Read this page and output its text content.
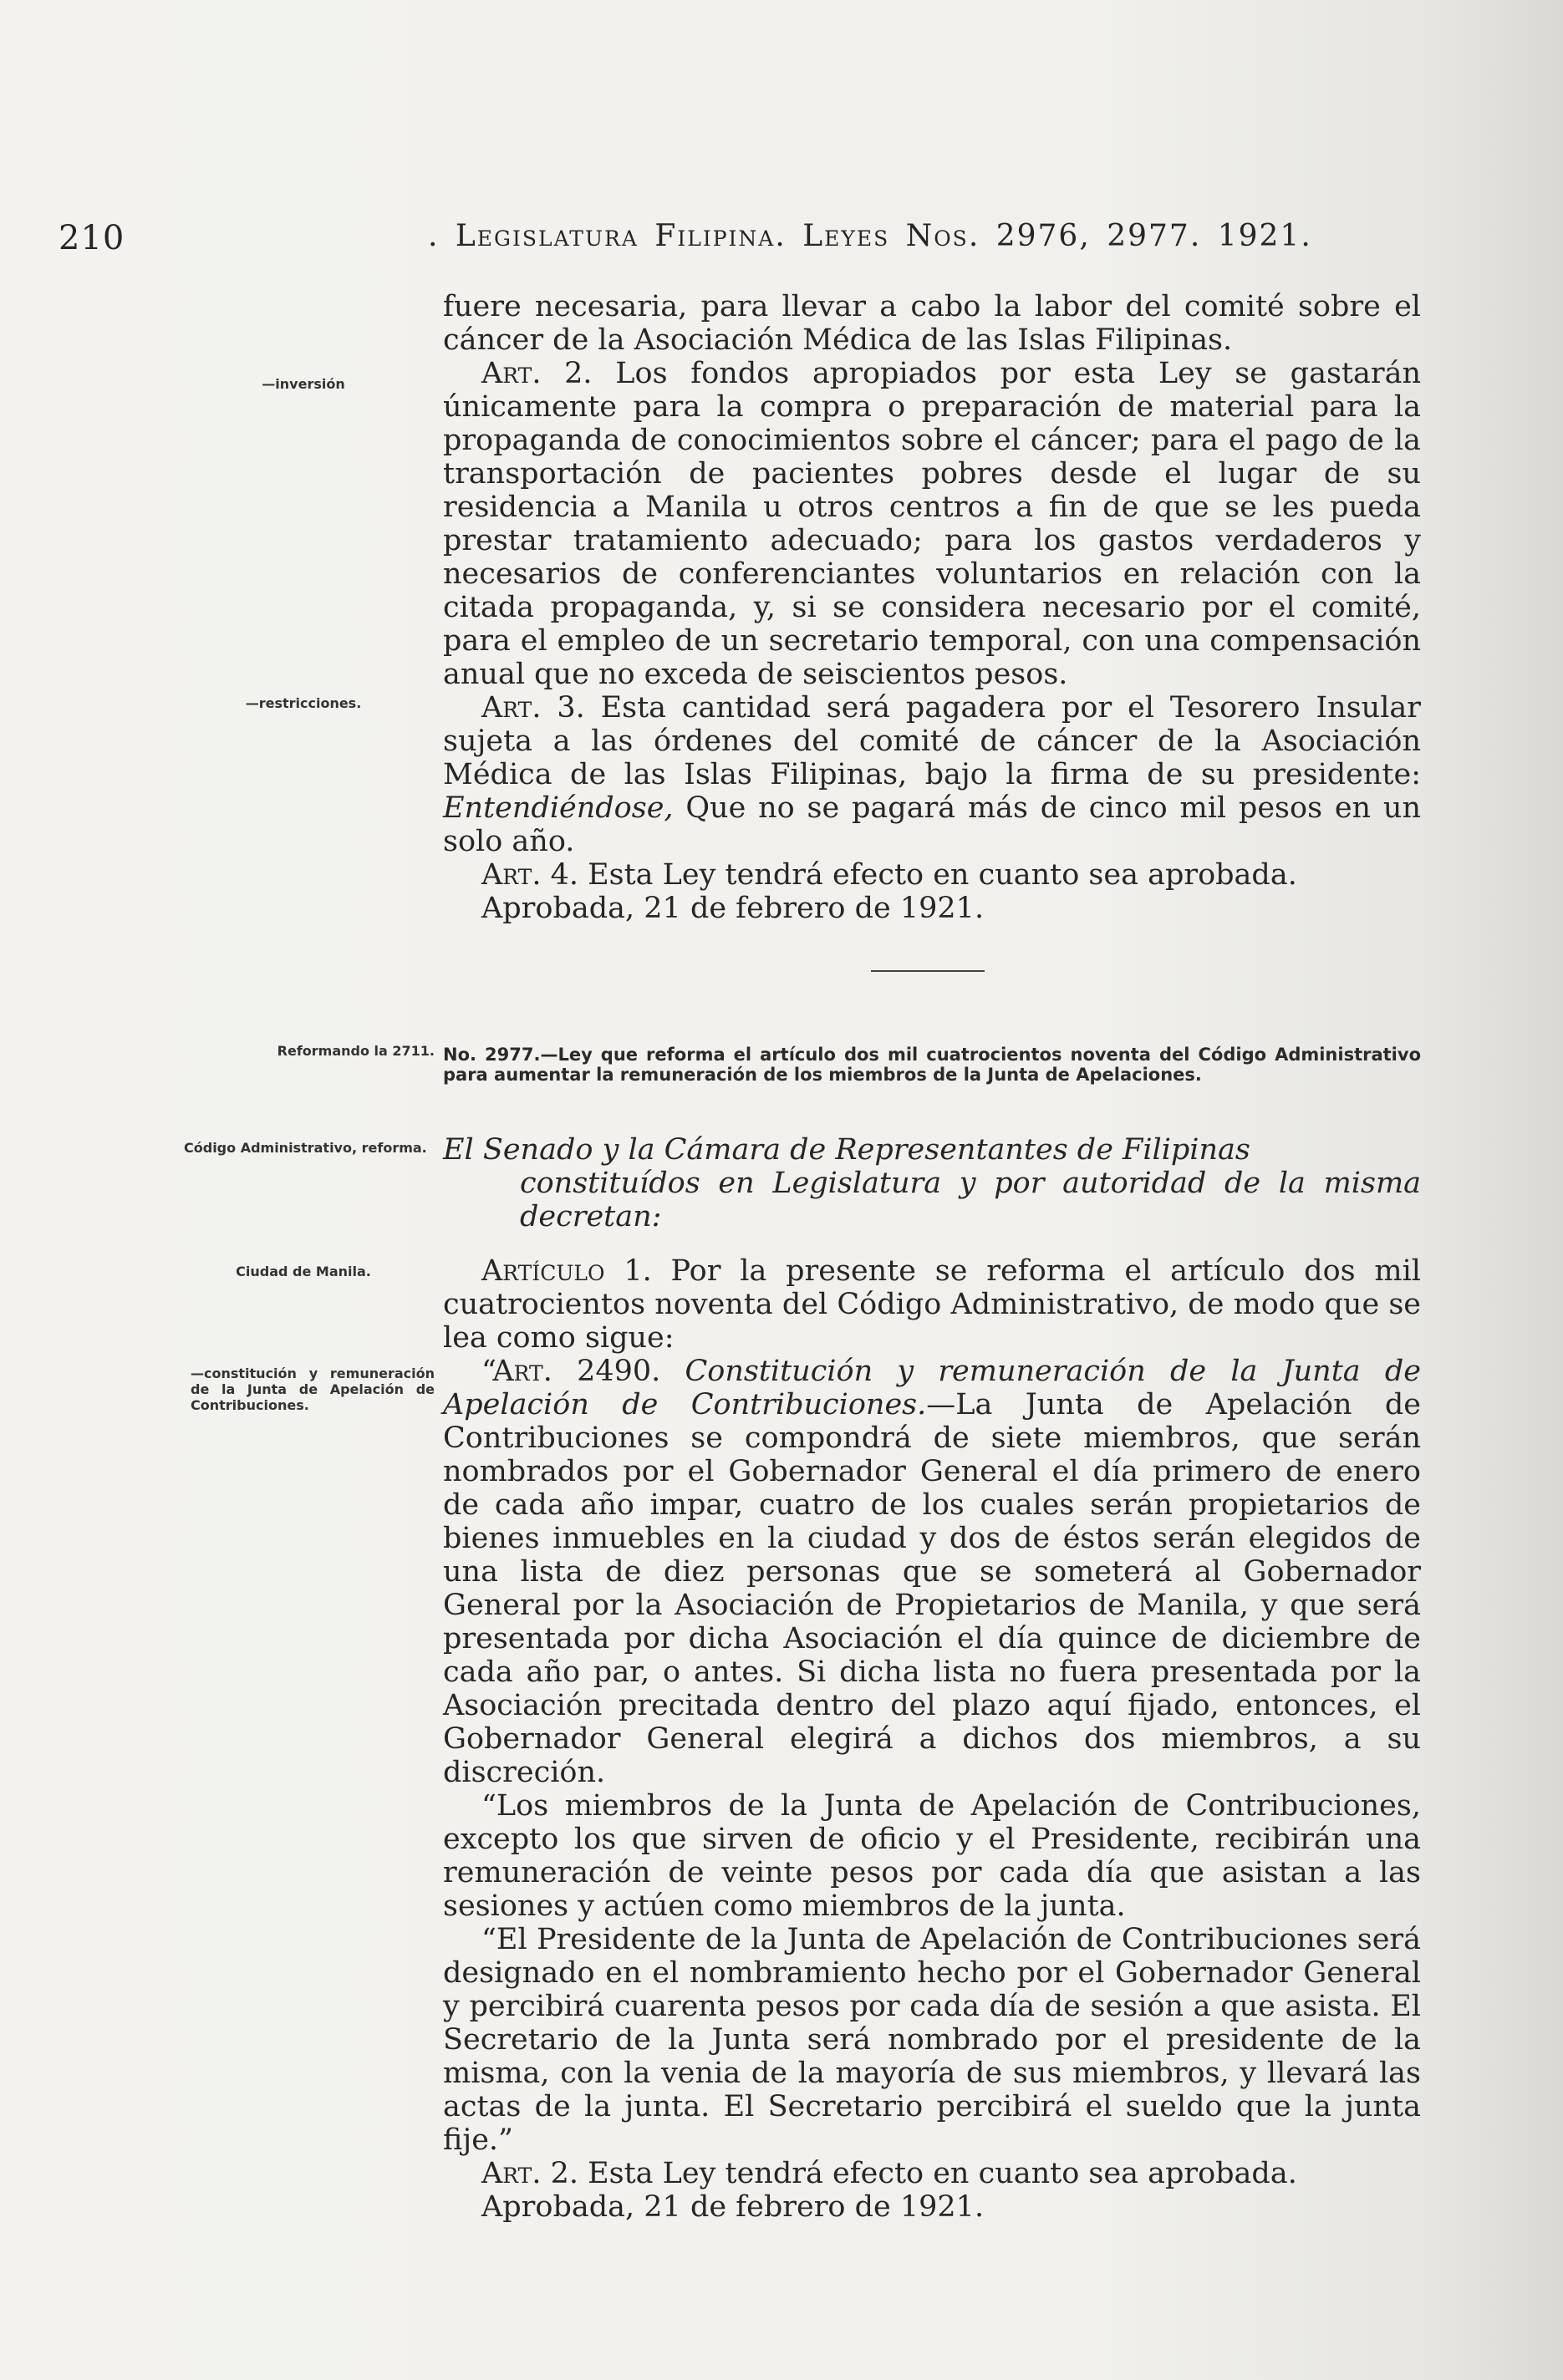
210	. Legislatura Filipina. Leyes Nos. 2976, 2977. 1921.

fuere necesaria, para llevar a cabo la labor del comité sobre el cáncer de la Asociación Médica de las Islas Filipinas.

Art. 2. Los fondos apropiados por esta Ley se gastarán únicamente para la compra o preparación de material para la propaganda de conocimientos sobre el cáncer; para el pago de la transportación de pacientes pobres desde el lugar de su residencia a Manila u otros centros a fin de que se les pueda prestar tratamiento adecuado; para los gastos verdaderos y necesarios de conferenciantes voluntarios en relación con la citada propaganda, y, si se considera necesario por el comité, para el empleo de un secretario temporal, con una compensación anual que no exceda de seiscientos pesos.

Art. 3. Esta cantidad será pagadera por el Tesorero Insular sujeta a las órdenes del comité de cáncer de la Asociación Médica de las Islas Filipinas, bajo la firma de su presidente: Entendiéndose, Que no se pagará más de cinco mil pesos en un solo año.

Art. 4. Esta Ley tendrá efecto en cuanto sea aprobada.

Aprobada, 21 de febrero de 1921.

—inversión
—restricciones.
Reformando la 2711.
Código Administrativo, reforma.
Ciudad de Manila.
—constitución y remuneración de la Junta de Apelación de Contribuciones.
No. 2977.—Ley que reforma el artículo dos mil cuatrocientos noventa del Código Administrativo para aumentar la remuneración de los miembros de la Junta de Apelaciones.
El Senado y la Cámara de Representantes de Filipinas
constituídos en Legislatura y por autoridad de la misma decretan:

Artículo 1. Por la presente se reforma el artículo dos mil cuatrocientos noventa del Código Administrativo, de modo que se lea como sigue:

“Art. 2490. Constitución y remuneración de la Junta de Apelación de Contribuciones.—La Junta de Apelación de Contribuciones se compondrá de siete miembros, que serán nombrados por el Gobernador General el día primero de enero de cada año impar, cuatro de los cuales serán propietarios de bienes inmuebles en la ciudad y dos de éstos serán elegidos de una lista de diez personas que se someterá al Gobernador General por la Asociación de Propietarios de Manila, y que será presentada por dicha Asociación el día quince de diciembre de cada año par, o antes. Si dicha lista no fuera presentada por la Asociación precitada dentro del plazo aquí fijado, entonces, el Gobernador General elegirá a dichos dos miembros, a su discreción.

“Los miembros de la Junta de Apelación de Contribuciones, excepto los que sirven de oficio y el Presidente, recibirán una remuneración de veinte pesos por cada día que asistan a las sesiones y actúen como miembros de la junta.

“El Presidente de la Junta de Apelación de Contribuciones será designado en el nombramiento hecho por el Gobernador General y percibirá cuarenta pesos por cada día de sesión a que asista. El Secretario de la Junta será nombrado por el presidente de la misma, con la venia de la mayoría de sus miembros, y llevará las actas de la junta. El Secretario percibirá el sueldo que la junta fije.”

Art. 2. Esta Ley tendrá efecto en cuanto sea aprobada.

Aprobada, 21 de febrero de 1921.
